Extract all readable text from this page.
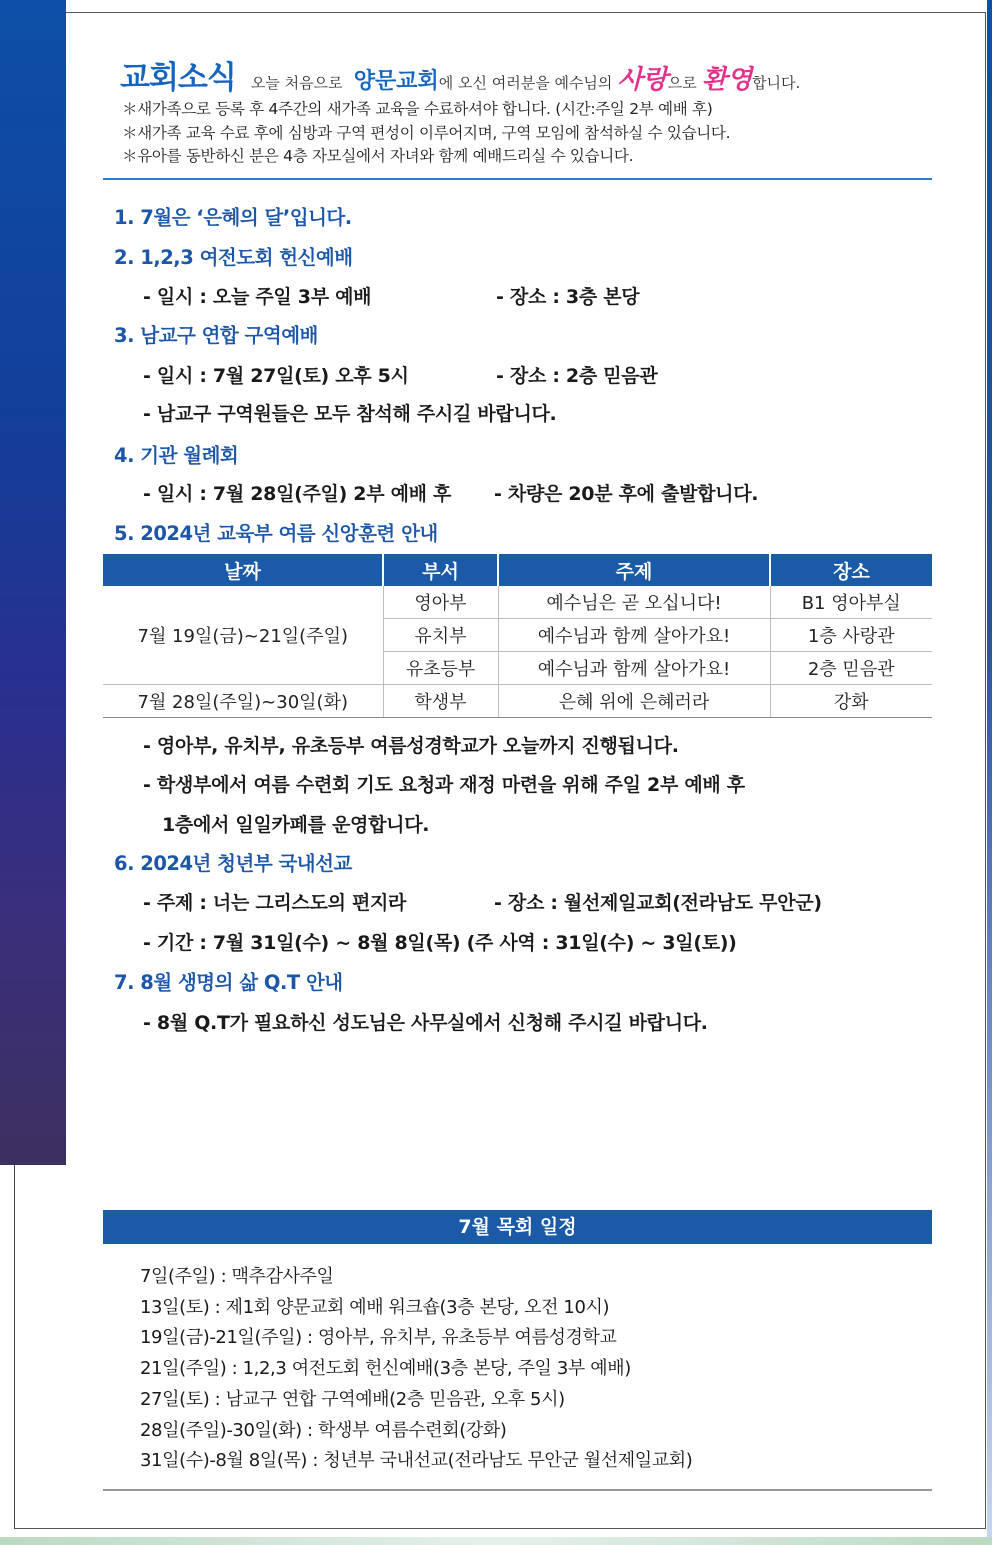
교회소식 오늘 처음으로 양문교회에 오신 여러분을 예수님의 사랑으로 환영합니다.
＊새가족으로 등록 후 4주간의 새가족 교육을 수료하셔야 합니다. (시간:주일 2부 예배 후)
＊새가족 교육 수료 후에 심방과 구역 편성이 이루어지며, 구역 모임에 참석하실 수 있습니다.
＊유아를 동반하신 분은 4층 자모실에서 자녀와 함께 예배드리실 수 있습니다.
1. 7월은 ‘은혜의 달’입니다.
2. 1,2,3 여전도회 헌신예배
- 일시 : 오늘 주일 3부 예배	- 장소 : 3층 본당
3. 남교구 연합 구역예배
- 일시 : 7월 27일(토) 오후 5시	- 장소 : 2층 믿음관
- 남교구 구역원들은 모두 참석해 주시길 바랍니다.
4. 기관 월례회
- 일시 : 7월 28일(주일) 2부 예배 후 - 차량은 20분 후에 출발합니다.
5. 2024년 교육부 여름 신앙훈련 안내
날짜	부서	주제	장소
7월 19일(금)~21일(주일)	영아부	예수님은 곧 오십니다!	B1 영아부실
	유치부	예수님과 함께 살아가요!	1층 사랑관
	유초등부	예수님과 함께 살아가요!	2층 믿음관
7월 28일(주일)~30일(화)	학생부	은혜 위에 은혜러라	강화
- 영아부, 유치부, 유초등부 여름성경학교가 오늘까지 진행됩니다.
- 학생부에서 여름 수련회 기도 요청과 재정 마련을 위해 주일 2부 예배 후
1층에서 일일카페를 운영합니다.
6. 2024년 청년부 국내선교
- 주제 : 너는 그리스도의 편지라	- 장소 : 월선제일교회(전라남도 무안군)
- 기간 : 7월 31일(수) ~ 8월 8일(목) (주 사역 : 31일(수) ~ 3일(토))
7. 8월 생명의 삶 Q.T 안내
- 8월 Q.T가 필요하신 성도님은 사무실에서 신청해 주시길 바랍니다.
7월 목회 일정
7일(주일) : 맥추감사주일
13일(토) : 제1회 양문교회 예배 워크숍(3층 본당, 오전 10시)
19일(금)-21일(주일) : 영아부, 유치부, 유초등부 여름성경학교
21일(주일) : 1,2,3 여전도회 헌신예배(3층 본당, 주일 3부 예배)
27일(토) : 남교구 연합 구역예배(2층 믿음관, 오후 5시)
28일(주일)-30일(화) : 학생부 여름수련회(강화)
31일(수)-8월 8일(목) : 청년부 국내선교(전라남도 무안군 월선제일교회)
